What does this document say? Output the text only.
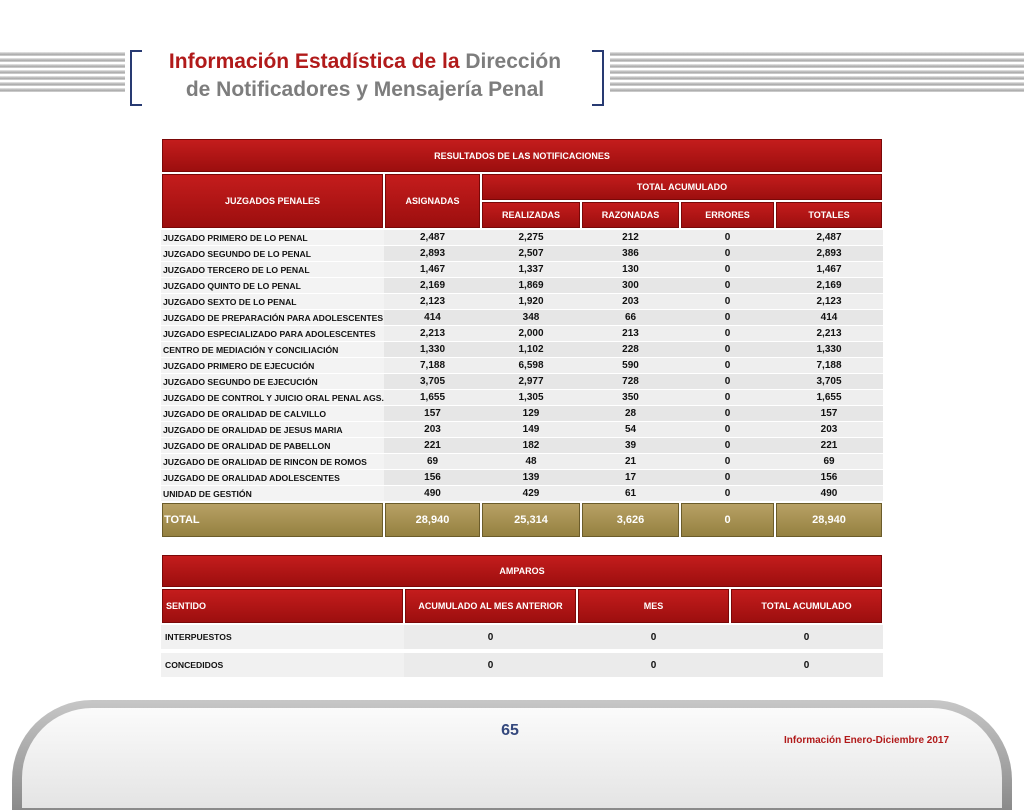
Información Estadística de la Dirección
de Notificadores y Mensajería Penal
RESULTADOS DE LAS NOTIFICACIONES					
JUZGADOS PENALES	ASIGNADAS	TOTAL ACUMULADO			
		REALIZADAS	RAZONADAS	ERRORES	TOTALES
JUZGADO PRIMERO DE LO PENAL	2,487	2,275	212	0	2,487
JUZGADO SEGUNDO DE LO PENAL	2,893	2,507	386	0	2,893
JUZGADO TERCERO DE LO PENAL	1,467	1,337	130	0	1,467
JUZGADO QUINTO DE LO PENAL	2,169	1,869	300	0	2,169
JUZGADO SEXTO DE LO PENAL	2,123	1,920	203	0	2,123
JUZGADO DE PREPARACIÓN PARA ADOLESCENTES	414	348	66	0	414
JUZGADO ESPECIALIZADO PARA ADOLESCENTES	2,213	2,000	213	0	2,213
CENTRO DE MEDIACIÓN Y CONCILIACIÓN	1,330	1,102	228	0	1,330
JUZGADO PRIMERO DE EJECUCIÓN	7,188	6,598	590	0	7,188
JUZGADO SEGUNDO DE EJECUCIÓN	3,705	2,977	728	0	3,705
JUZGADO DE CONTROL Y JUICIO ORAL PENAL AGS.	1,655	1,305	350	0	1,655
JUZGADO DE ORALIDAD DE CALVILLO	157	129	28	0	157
JUZGADO DE ORALIDAD DE JESUS MARIA	203	149	54	0	203
JUZGADO DE ORALIDAD DE PABELLON	221	182	39	0	221
JUZGADO DE ORALIDAD DE RINCON DE ROMOS	69	48	21	0	69
JUZGADO DE ORALIDAD ADOLESCENTES	156	139	17	0	156
UNIDAD DE GESTIÓN	490	429	61	0	490
TOTAL	28,940	25,314	3,626	0	28,940
AMPAROS			
SENTIDO	ACUMULADO AL MES ANTERIOR	MES	TOTAL ACUMULADO
INTERPUESTOS	0	0	0
CONCEDIDOS	0	0	0
65
Información Enero-Diciembre 2017
